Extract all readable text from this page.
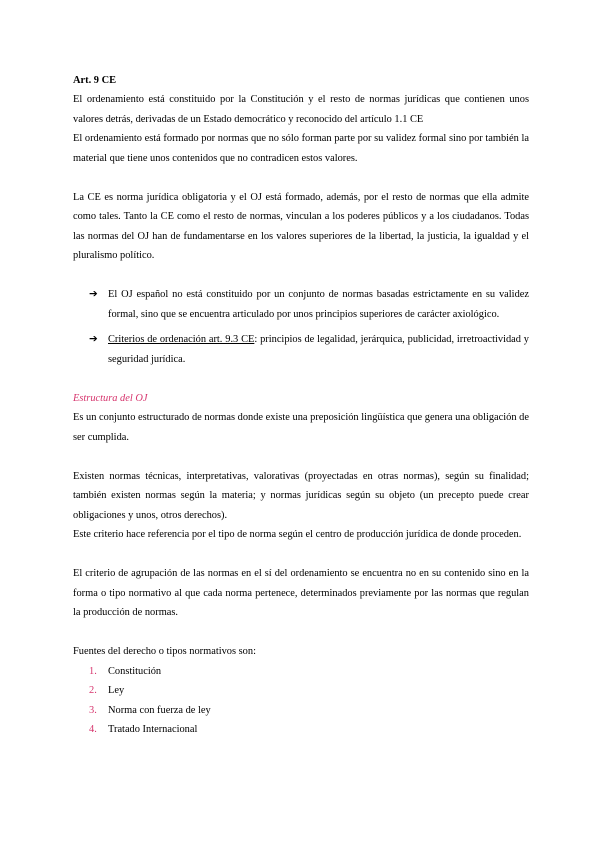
Art. 9 CE

El ordenamiento está constituido por la Constitución y el resto de normas jurídicas que contienen unos valores detrás, derivadas de un Estado democrático y reconocido del artículo 1.1 CE

El ordenamiento está formado por normas que no sólo forman parte por su validez formal sino por también la material que tiene unos contenidos que no contradicen estos valores.

La CE es norma jurídica obligatoria y el OJ está formado, además, por el resto de normas que ella admite como tales. Tanto la CE como el resto de normas, vinculan a los poderes públicos y a los ciudadanos. Todas las normas del OJ han de fundamentarse en los valores superiores de la libertad, la justicia, la igualdad y el pluralismo político.

➔ El OJ español no está constituido por un conjunto de normas basadas estrictamente en su validez formal, sino que se encuentra articulado por unos principios superiores de carácter axiológico.

➔ Criterios de ordenación art. 9.3 CE: principios de legalidad, jerárquica, publicidad, irretroactividad y seguridad jurídica.

Estructura del OJ

Es un conjunto estructurado de normas donde existe una preposición lingüística que genera una obligación de ser cumplida.

Existen normas técnicas, interpretativas, valorativas (proyectadas en otras normas), según su finalidad; también existen normas según la materia; y normas jurídicas según su objeto (un precepto puede crear obligaciones y unos, otros derechos).

Este criterio hace referencia por el tipo de norma según el centro de producción jurídica de donde proceden.

El criterio de agrupación de las normas en el sí del ordenamiento se encuentra no en su contenido sino en la forma o tipo normativo al que cada norma pertenece, determinados previamente por las normas que regulan la producción de normas.

Fuentes del derecho o tipos normativos son:

1. Constitución
2. Ley
3. Norma con fuerza de ley
4. Tratado Internacional
